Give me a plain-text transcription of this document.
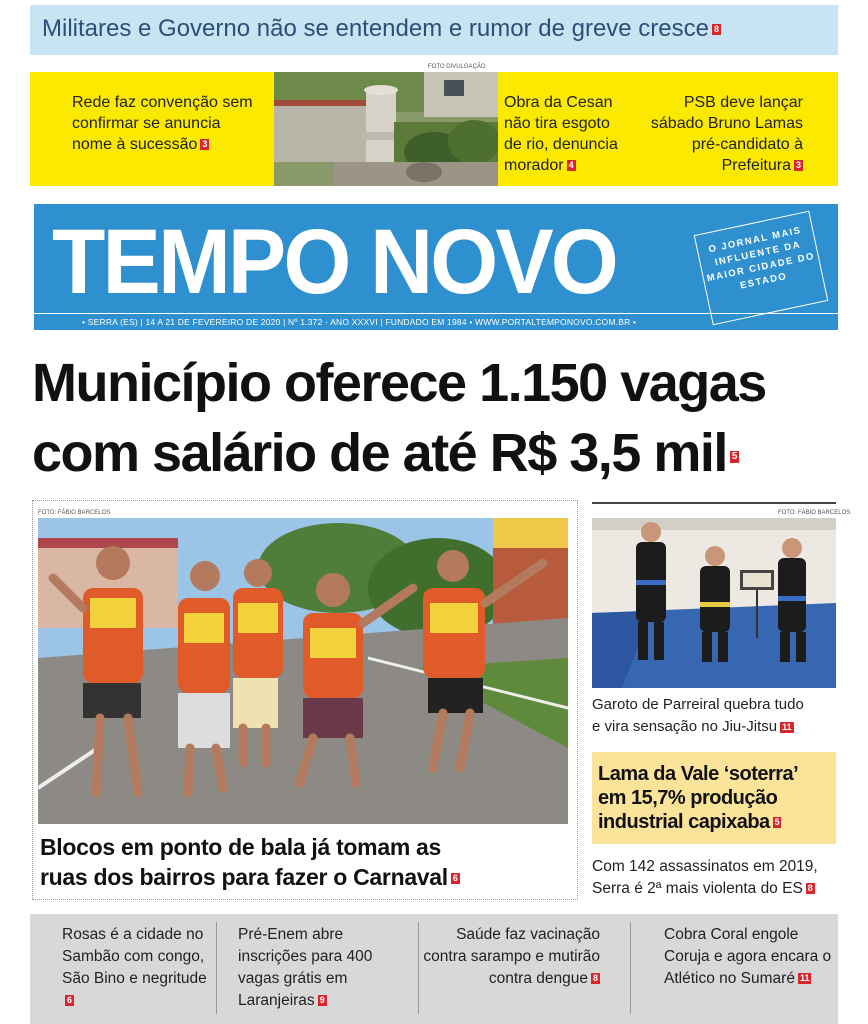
Militares e Governo não se entendem e rumor de greve cresce 8
Rede faz convenção sem confirmar se anuncia nome à sucessão 3
FOTO DIVULGAÇÃO
Obra da Cesan não tira esgoto de rio, denuncia morador 4
PSB deve lançar sábado Bruno Lamas pré-candidato à Prefeitura 3
TEMPO NOVO	O JORNAL MAIS INFLUENTE DA MAIOR CIDADE DO ESTADO
• SERRA (ES) | 14 A 21 DE FEVEREIRO DE 2020 | Nº 1.372 - ANO XXXVI | FUNDADO EM 1984 • WWW.PORTALTEMPONOVO.COM.BR •
Município oferece 1.150 vagas
com salário de até R$ 3,5 mil 5
FOTO: FÁBIO BARCELOS
Blocos em ponto de bala já tomam as
ruas dos bairros para fazer o Carnaval 6
FOTO: FÁBIO BARCELOS
Garoto de Parreiral quebra tudo
e vira sensação no Jiu-Jitsu 11
Lama da Vale ‘soterra’
em 15,7% produção
industrial capixaba 5
Com 142 assassinatos em 2019,
Serra é 2ª mais violenta do ES 8
Rosas é a cidade no Sambão com congo, São Bino e negritude6
Pré-Enem abre inscrições para 400 vagas grátis em Laranjeiras 9
Saúde faz vacinação contra sarampo e mutirão contra dengue 8
Cobra Coral engole Coruja e agora encara o Atlético no Sumaré 11
